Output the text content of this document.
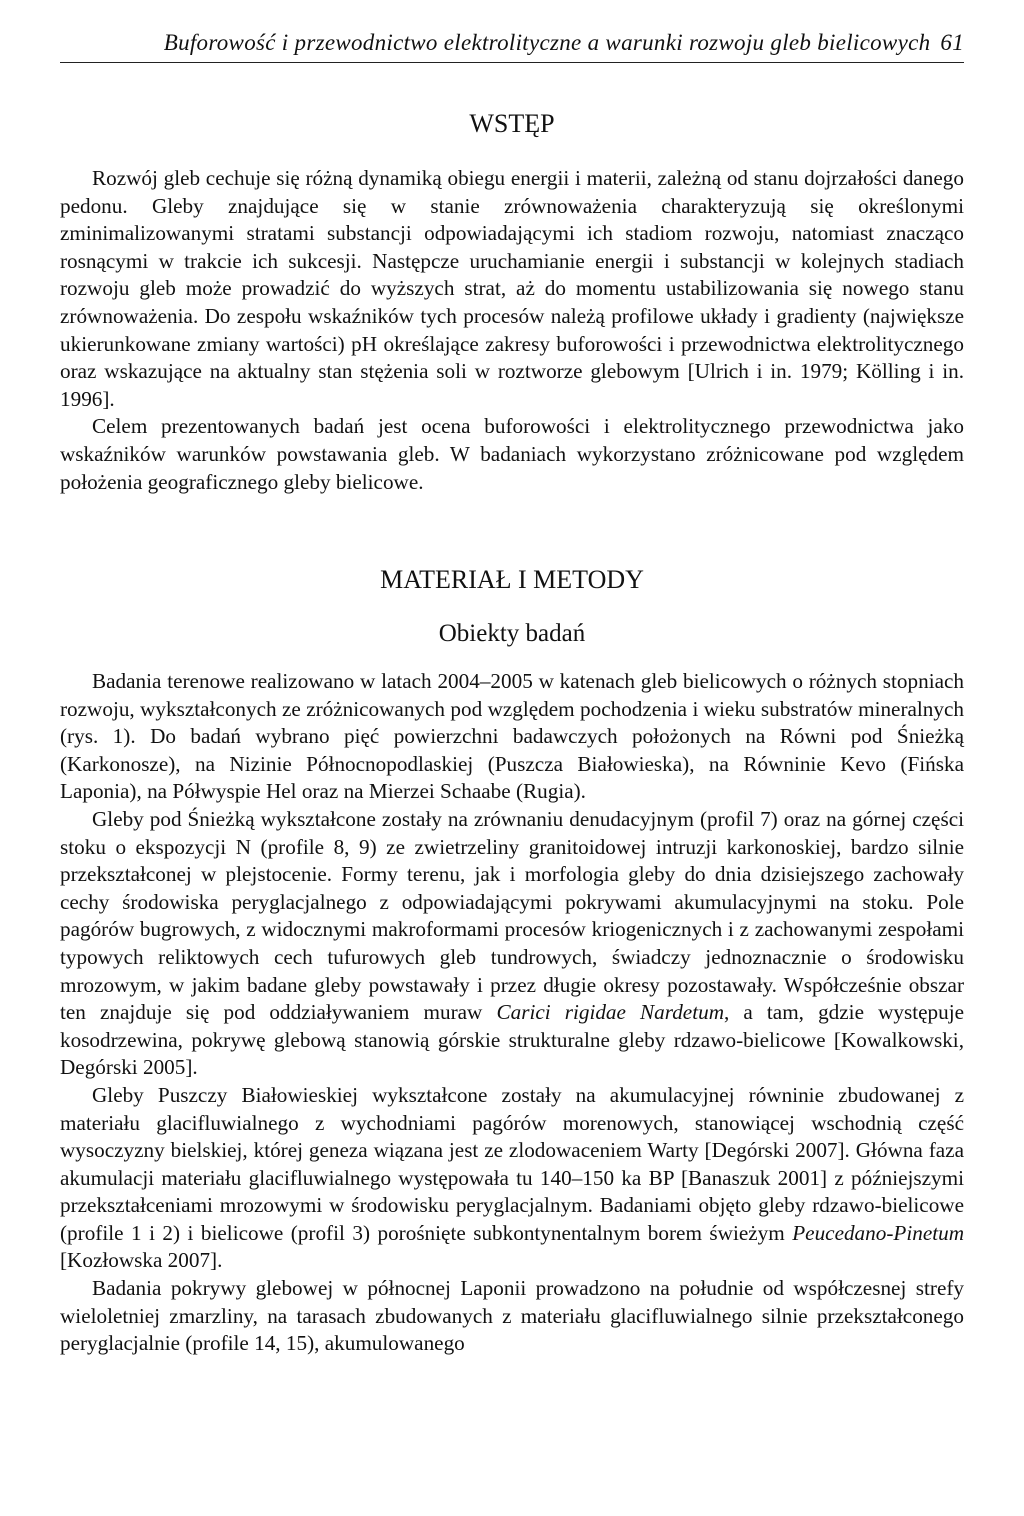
Buforowość i przewodnictwo elektrolityczne a warunki rozwoju gleb bielicowych 61
WSTĘP

Rozwój gleb cechuje się różną dynamiką obiegu energii i materii, zależną od stanu dojrzałości danego pedonu. Gleby znajdujące się w stanie zrównoważenia charakteryzują się określonymi zminimalizowanymi stratami substancji odpowiadającymi ich stadiom rozwoju, natomiast znacząco rosnącymi w trakcie ich sukcesji. Następcze uruchamianie energii i substancji w kolejnych stadiach rozwoju gleb może prowadzić do wyższych strat, aż do momentu ustabilizowania się nowego stanu zrównoważenia. Do zespołu wskaźników tych procesów należą profilowe układy i gradienty (największe ukierunkowane zmiany wartości) pH określające zakresy buforowości i przewodnictwa elektrolitycznego oraz wskazujące na aktualny stan stężenia soli w roztworze glebowym [Ulrich i in. 1979; Kölling i in. 1996].

Celem prezentowanych badań jest ocena buforowości i elektrolitycznego przewodnictwa jako wskaźników warunków powstawania gleb. W badaniach wykorzystano zróżnicowane pod względem położenia geograficznego gleby bielicowe.

MATERIAŁ I METODY
Obiekty badań

Badania terenowe realizowano w latach 2004–2005 w katenach gleb bielicowych o różnych stopniach rozwoju, wykształconych ze zróżnicowanych pod względem pochodzenia i wieku substratów mineralnych (rys. 1). Do badań wybrano pięć powierzchni badawczych położonych na Równi pod Śnieżką (Karkonosze), na Nizinie Północnopodlaskiej (Puszcza Białowieska), na Równinie Kevo (Fińska Laponia), na Półwyspie Hel oraz na Mierzei Schaabe (Rugia).

Gleby pod Śnieżką wykształcone zostały na zrównaniu denudacyjnym (profil 7) oraz na górnej części stoku o ekspozycji N (profile 8, 9) ze zwietrzeliny granitoidowej intruzji karkonoskiej, bardzo silnie przekształconej w plejstocenie. Formy terenu, jak i morfologia gleby do dnia dzisiejszego zachowały cechy środowiska peryglacjalnego z odpowiadającymi pokrywami akumulacyjnymi na stoku. Pole pagórów bugrowych, z widocznymi makroformami procesów kriogenicznych i z zachowanymi zespołami typowych reliktowych cech tufurowych gleb tundrowych, świadczy jednoznacznie o środowisku mrozowym, w jakim badane gleby powstawały i przez długie okresy pozostawały. Współcześnie obszar ten znajduje się pod oddziaływaniem muraw Carici rigidae Nardetum, a tam, gdzie występuje kosodrzewina, pokrywę glebową stanowią górskie strukturalne gleby rdzawo-bielicowe [Kowalkowski, Degórski 2005].

Gleby Puszczy Białowieskiej wykształcone zostały na akumulacyjnej równinie zbudowanej z materiału glacifluwialnego z wychodniami pagórów morenowych, stanowiącej wschodnią część wysoczyzny bielskiej, której geneza wiązana jest ze zlodowaceniem Warty [Degórski 2007]. Główna faza akumulacji materiału glacifluwialnego występowała tu 140–150 ka BP [Banaszuk 2001] z późniejszymi przekształceniami mrozowymi w środowisku peryglacjalnym. Badaniami objęto gleby rdzawo-bielicowe (profile 1 i 2) i bielicowe (profil 3) porośnięte subkontynentalnym borem świeżym Peucedano-Pinetum [Kozłowska 2007].

Badania pokrywy glebowej w północnej Laponii prowadzono na południe od współczesnej strefy wieloletniej zmarzliny, na tarasach zbudowanych z materiału glacifluwialnego silnie przekształconego peryglacjalnie (profile 14, 15), akumulowanego
